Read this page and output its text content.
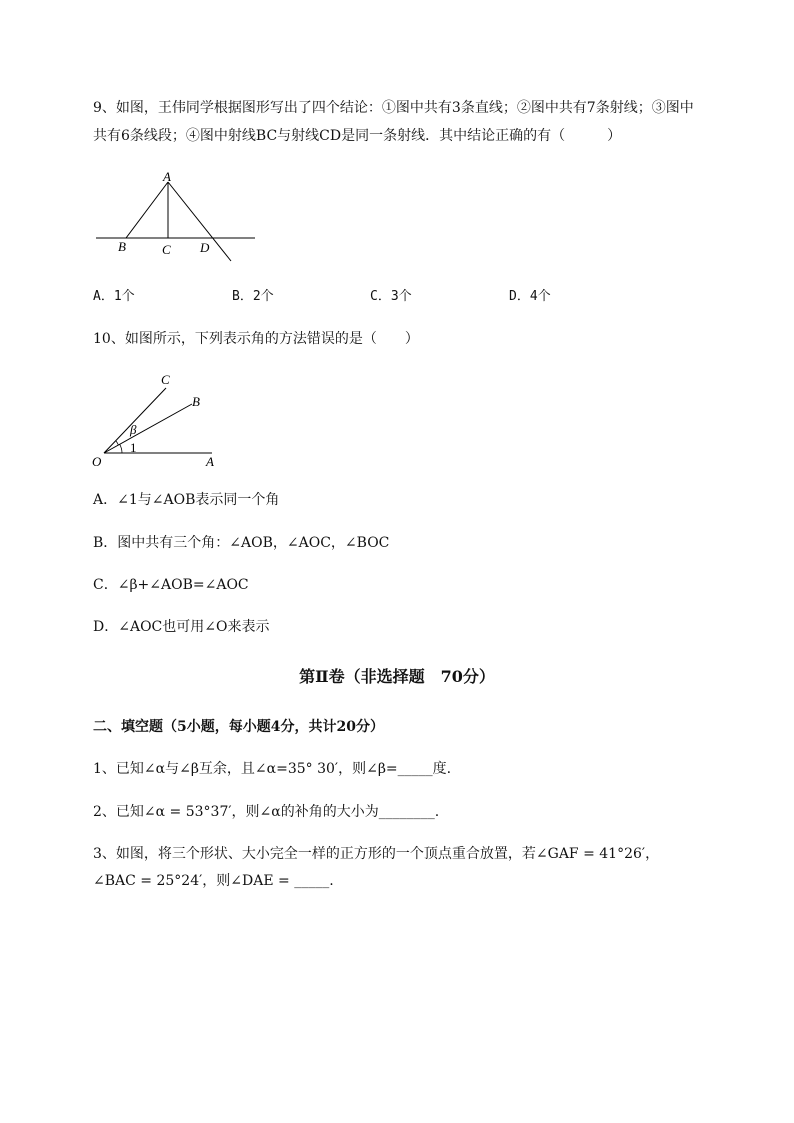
9、如图，王伟同学根据图形写出了四个结论：①图中共有3条直线；②图中共有7条射线；③图中
共有6条线段；④图中射线BC与射线CD是同一条射线．其中结论正确的有（　　　）
A
B	C D
A．1个	B．2个	C．3个	D．4个
10、如图所示，下列表示角的方法错误的是（　　）
O	A
B
C
β
1
A．∠1与∠AOB表示同一个角
B．图中共有三个角：∠AOB，∠AOC，∠BOC
C．∠β+∠AOB=∠AOC
D．∠AOC也可用∠O来表示
第Ⅱ卷（非选择题　70分）
二、填空题（5小题，每小题4分，共计20分）
1、已知∠α与∠β互余，且∠α=35° 30′，则∠β=_____度.
2、已知∠α = 53°37′，则∠α的补角的大小为________.
3、如图，将三个形状、大小完全一样的正方形的一个顶点重合放置，若∠GAF = 41°26′，
∠BAC = 25°24′，则∠DAE = _____.
